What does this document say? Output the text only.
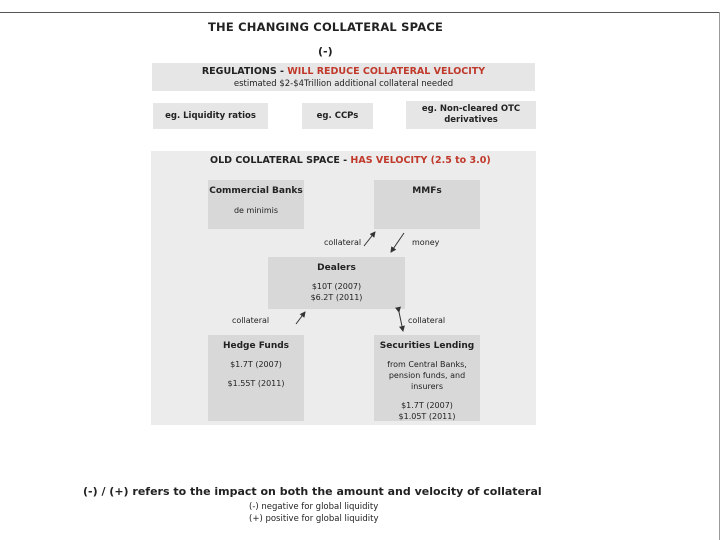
THE CHANGING COLLATERAL SPACE
(-)
REGULATIONS - WILL REDUCE COLLATERAL VELOCITY
estimated $2-$4Trillion additional collateral needed
eg. Liquidity ratios	eg. CCPs
eg. Non-cleared OTC derivatives
OLD COLLATERAL SPACE - HAS VELOCITY (2.5 to 3.0)
Commercial Banks
de minimis
MMFs
Dealers
$10T (2007)
$6.2T (2011)
Hedge Funds
$1.7T (2007)
$1.55T (2011)
Securities Lending
from Central Banks,
pension funds, and
insurers
$1.7T (2007)
$1.05T (2011)
collateral	money
collateral	collateral
(-) / (+) refers to the impact on both the amount and velocity of collateral
(-) negative for global liquidity
(+) positive for global liquidity
